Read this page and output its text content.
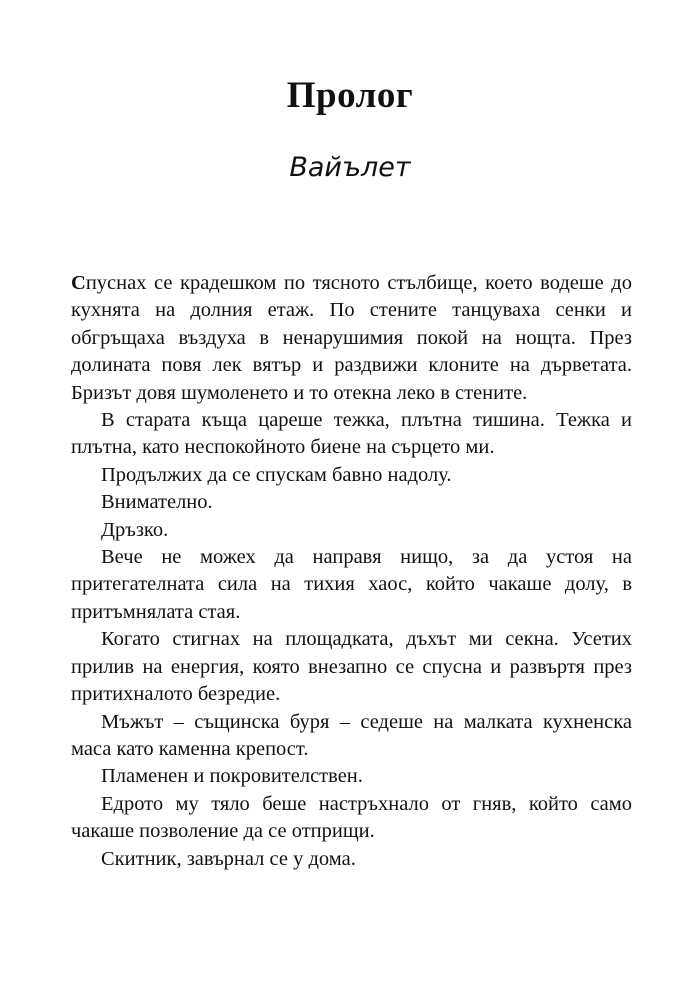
Пролог
Вайълет

Спуснах се крадешком по тясното стълбище, което водеше до кухнята на долния етаж. По стените танцуваха сенки и обгръщаха въздуха в ненарушимия покой на нощта. През долината повя лек вятър и раздвижи клоните на дърветата. Бризът довя шумоленето и то отекна леко в стените.

В старата къща цареше тежка, плътна тишина. Тежка и плътна, като неспокойното биене на сърцето ми.

Продължих да се спускам бавно надолу.

Внимателно.

Дръзко.

Вече не можех да направя нищо, за да устоя на притегателната сила на тихия хаос, който чакаше долу, в притъмнялата стая.

Когато стигнах на площадката, дъхът ми секна. Усетих прилив на енергия, която внезапно се спусна и развъртя през притихналото безредие.

Мъжът – същинска буря – седеше на малката кухненска маса като каменна крепост.

Пламенен и покровителствен.

Едрото му тяло беше настръхнало от гняв, който само чакаше позволение да се отприщи.

Скитник, завърнал се у дома.
